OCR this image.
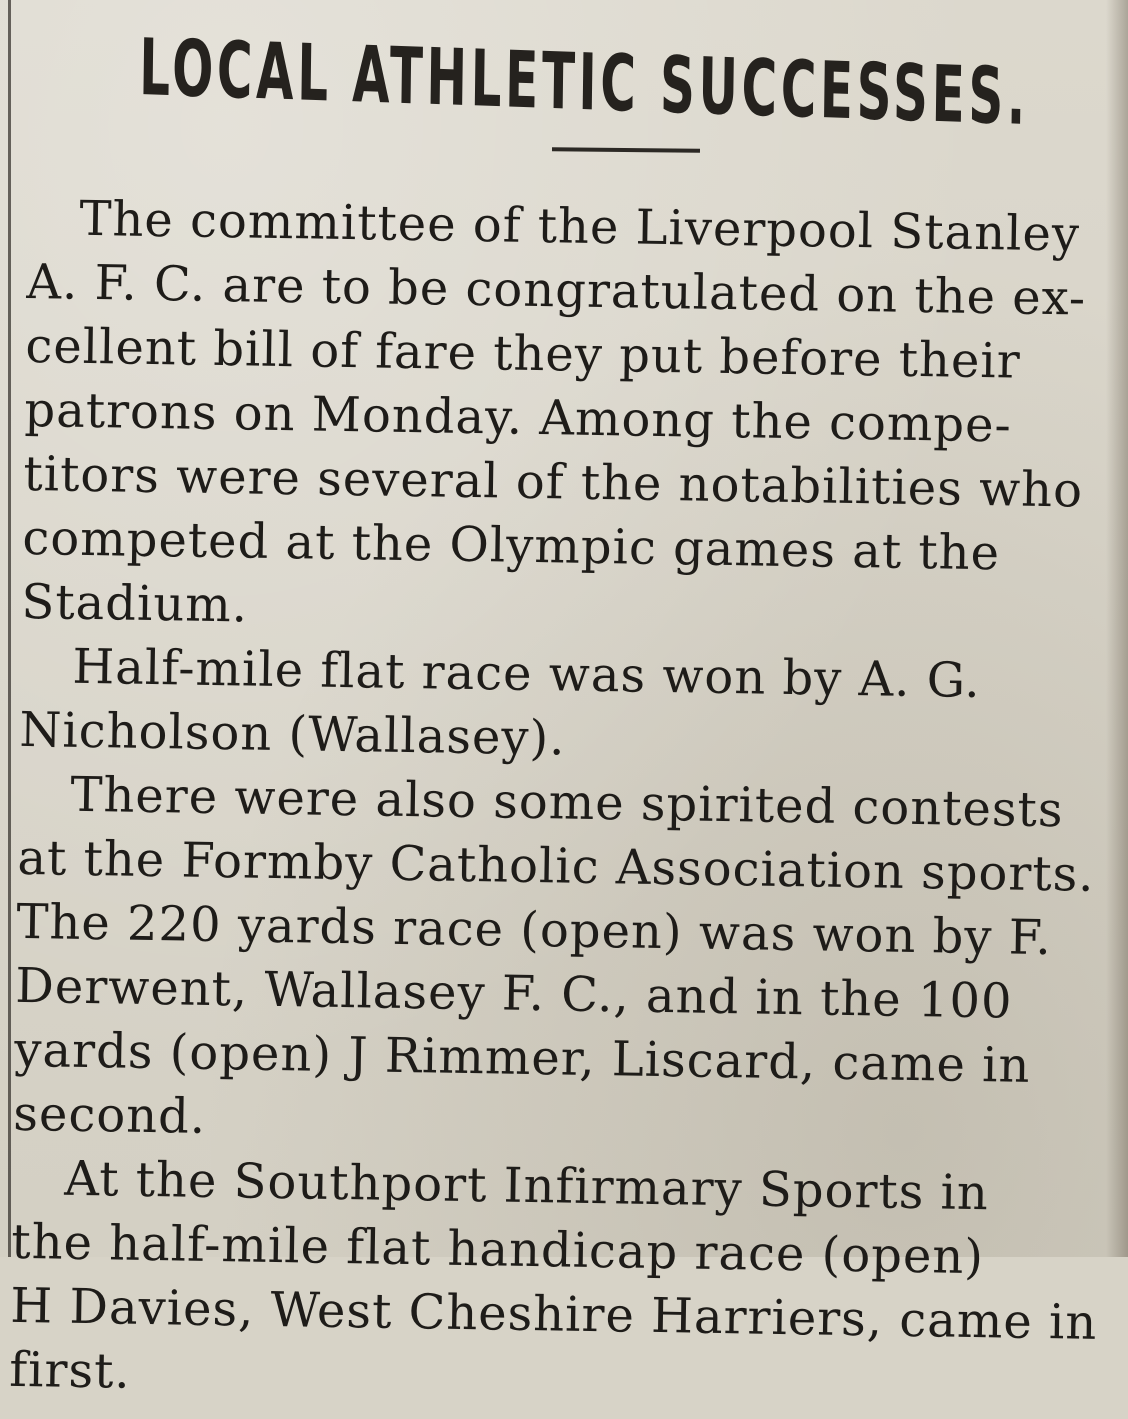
LOCAL ATHLETIC SUCCESSES.
The committee of the Liverpool Stanley
A. F. C. are to be congratulated on the ex-
cellent bill of fare they put before their
patrons on Monday. Among the compe-
titors were several of the notabilities who
competed at the Olympic games at the
Stadium.
Half-mile flat race was won by A. G.
Nicholson (Wallasey).
There were also some spirited contests
at the Formby Catholic Association sports.
The 220 yards race (open) was won by F.
Derwent, Wallasey F. C., and in the 100
yards (open) J Rimmer, Liscard, came in
second.
At the Southport Infirmary Sports in
the half-mile flat handicap race (open)
H Davies, West Cheshire Harriers, came in
first.
